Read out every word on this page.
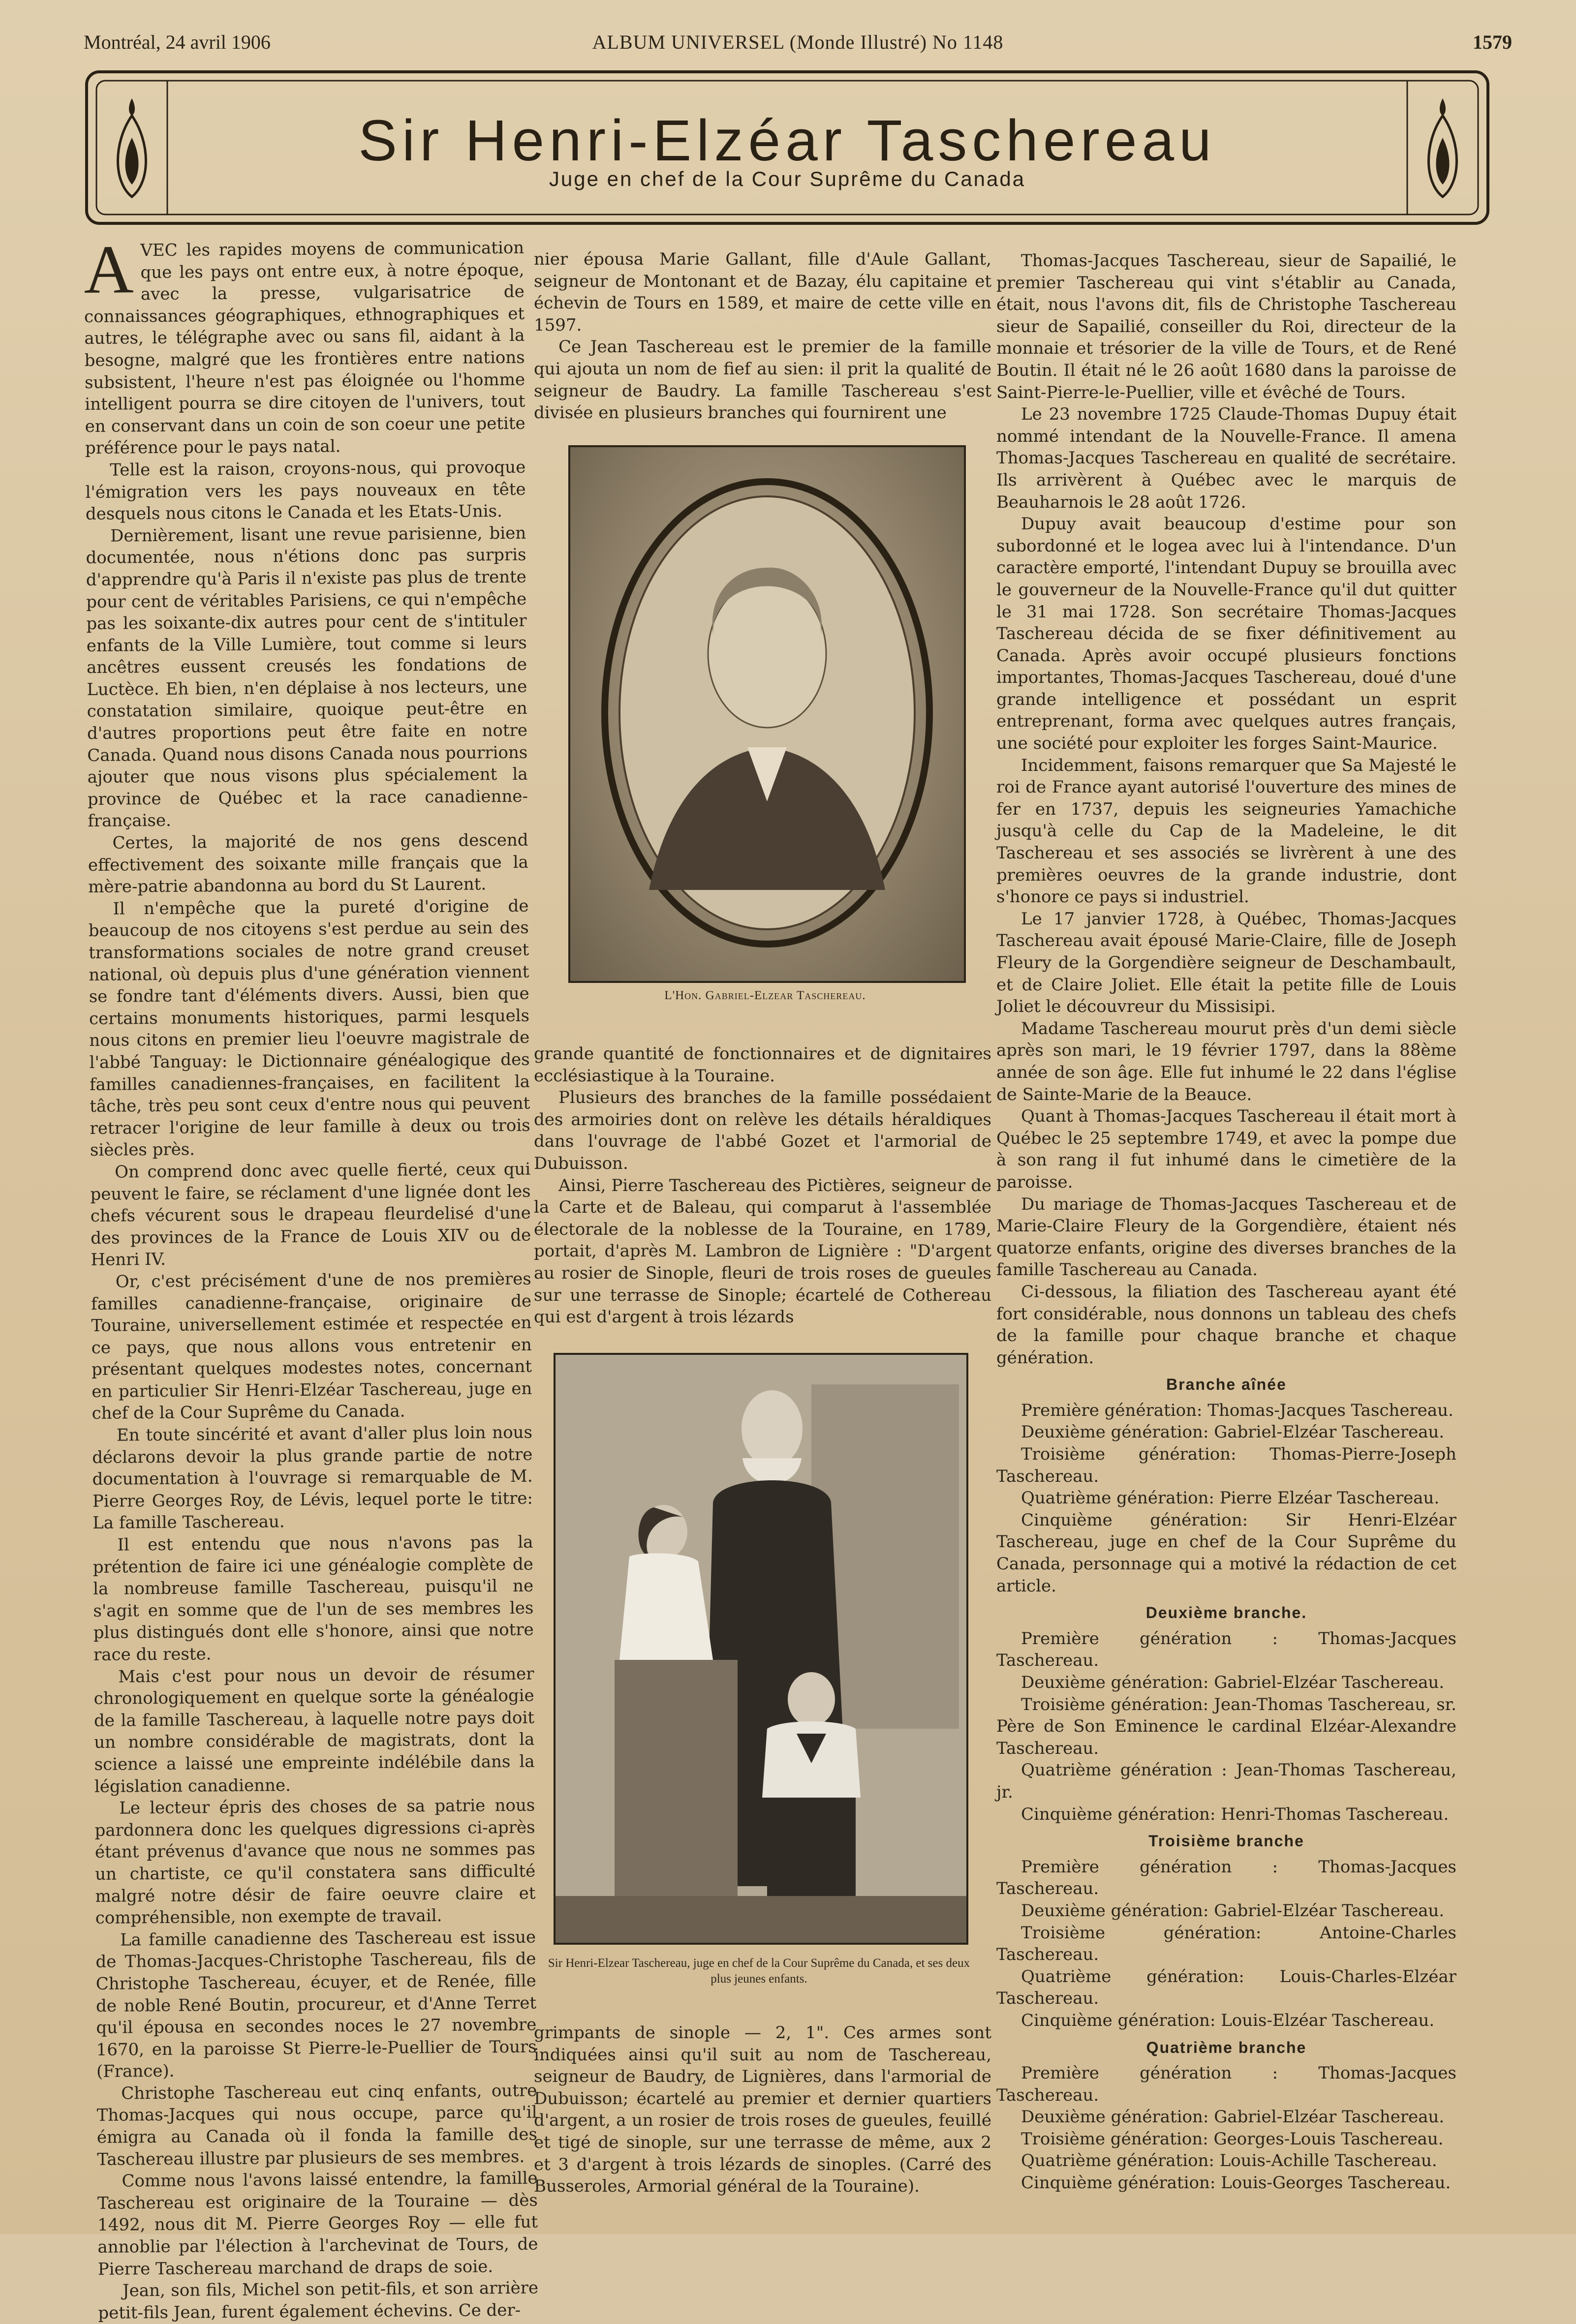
Montréal, 24 avril 1906	ALBUM UNIVERSEL (Monde Illustré) No 1148	1579
Sir Henri-Elzéar Taschereau
Juge en chef de la Cour Suprême du Canada
A VEC les rapides moyens de communication que les pays ont entre eux, à notre époque, avec la presse, vulgarisatrice de connaissances géographiques, ethnographiques et autres, le télégraphe avec ou sans fil, aidant à la besogne, malgré que les frontières entre nations subsistent, l'heure n'est pas éloignée ou l'homme intelligent pourra se dire citoyen de l'univers, tout en conservant dans un coin de son coeur une petite préférence pour le pays natal.

Telle est la raison, croyons-nous, qui provoque l'émigration vers les pays nouveaux en tête desquels nous citons le Canada et les Etats-Unis.

Dernièrement, lisant une revue parisienne, bien documentée, nous n'étions donc pas surpris d'apprendre qu'à Paris il n'existe pas plus de trente pour cent de véritables Parisiens, ce qui n'empêche pas les soixante-dix autres pour cent de s'intituler enfants de la Ville Lumière, tout comme si leurs ancêtres eussent creusés les fondations de Luctèce. Eh bien, n'en déplaise à nos lecteurs, une constatation similaire, quoique peut-être en d'autres proportions peut être faite en notre Canada. Quand nous disons Canada nous pourrions ajouter que nous visons plus spécialement la province de Québec et la race canadienne-française.

Certes, la majorité de nos gens descend effectivement des soixante mille français que la mère-patrie abandonna au bord du St Laurent.

Il n'empêche que la pureté d'origine de beaucoup de nos citoyens s'est perdue au sein des transformations sociales de notre grand creuset national, où depuis plus d'une génération viennent se fondre tant d'éléments divers. Aussi, bien que certains monuments historiques, parmi lesquels nous citons en premier lieu l'oeuvre magistrale de l'abbé Tanguay: le Dictionnaire généalogique des familles canadiennes-françaises, en facilitent la tâche, très peu sont ceux d'entre nous qui peuvent retracer l'origine de leur famille à deux ou trois siècles près.

On comprend donc avec quelle fierté, ceux qui peuvent le faire, se réclament d'une lignée dont les chefs vécurent sous le drapeau fleurdelisé d'une des provinces de la France de Louis XIV ou de Henri IV.

Or, c'est précisément d'une de nos premières familles canadienne-française, originaire de Touraine, universellement estimée et respectée en ce pays, que nous allons vous entretenir en présentant quelques modestes notes, concernant en particulier Sir Henri-Elzéar Taschereau, juge en chef de la Cour Suprême du Canada.

En toute sincérité et avant d'aller plus loin nous déclarons devoir la plus grande partie de notre documentation à l'ouvrage si remarquable de M. Pierre Georges Roy, de Lévis, lequel porte le titre: La famille Taschereau.

Il est entendu que nous n'avons pas la prétention de faire ici une généalogie complète de la nombreuse famille Taschereau, puisqu'il ne s'agit en somme que de l'un de ses membres les plus distingués dont elle s'honore, ainsi que notre race du reste.

Mais c'est pour nous un devoir de résumer chronologiquement en quelque sorte la généalogie de la famille Taschereau, à laquelle notre pays doit un nombre considérable de magistrats, dont la science a laissé une empreinte indélébile dans la législation canadienne.

Le lecteur épris des choses de sa patrie nous pardonnera donc les quelques digressions ci-après étant prévenus d'avance que nous ne sommes pas un chartiste, ce qu'il constatera sans difficulté malgré notre désir de faire oeuvre claire et compréhensible, non exempte de travail.

La famille canadienne des Taschereau est issue de Thomas-Jacques-Christophe Taschereau, fils de Christophe Taschereau, écuyer, et de Renée, fille de noble René Boutin, procureur, et d'Anne Terret qu'il épousa en secondes noces le 27 novembre 1670, en la paroisse St Pierre-le-Puellier de Tours (France).

Christophe Taschereau eut cinq enfants, outre Thomas-Jacques qui nous occupe, parce qu'il émigra au Canada où il fonda la famille des Taschereau illustre par plusieurs de ses membres.

Comme nous l'avons laissé entendre, la famille Taschereau est originaire de la Touraine — dès 1492, nous dit M. Pierre Georges Roy — elle fut annoblie par l'élection à l'archevinat de Tours, de Pierre Taschereau marchand de draps de soie.

Jean, son fils, Michel son petit-fils, et son arrière petit-fils Jean, furent également échevins. Ce der-

nier épousa Marie Gallant, fille d'Aule Gallant, seigneur de Montonant et de Bazay, élu capitaine et échevin de Tours en 1589, et maire de cette ville en 1597.

Ce Jean Taschereau est le premier de la famille qui ajouta un nom de fief au sien: il prit la qualité de seigneur de Baudry. La famille Taschereau s'est divisée en plusieurs branches qui fournirent une

L'Hon. Gabriel-Elzear Taschereau.

grande quantité de fonctionnaires et de dignitaires ecclésiastique à la Touraine.

Plusieurs des branches de la famille possédaient des armoiries dont on relève les détails héraldiques dans l'ouvrage de l'abbé Gozet et l'armorial de Dubuisson.

Ainsi, Pierre Taschereau des Pictières, seigneur de la Carte et de Baleau, qui comparut à l'assemblée électorale de la noblesse de la Touraine, en 1789, portait, d'après M. Lambron de Lignière : "D'argent au rosier de Sinople, fleuri de trois roses de gueules sur une terrasse de Sinople; écartelé de Cothereau qui est d'argent à trois lézards

Sir Henri-Elzear Taschereau, juge en chef de la Cour Suprême du Canada, et ses deux plus jeunes enfants.

grimpants de sinople — 2, 1". Ces armes sont indiquées ainsi qu'il suit au nom de Taschereau, seigneur de Baudry, de Lignières, dans l'armorial de Dubuisson; écartelé au premier et dernier quartiers d'argent, a un rosier de trois roses de gueules, feuillé et tigé de sinople, sur une terrasse de même, aux 2 et 3 d'argent à trois lézards de sinoples. (Carré des Busseroles, Armorial général de la Touraine).

Thomas-Jacques Taschereau, sieur de Sapailié, le premier Taschereau qui vint s'établir au Canada, était, nous l'avons dit, fils de Christophe Taschereau sieur de Sapailié, conseiller du Roi, directeur de la monnaie et trésorier de la ville de Tours, et de René Boutin. Il était né le 26 août 1680 dans la paroisse de Saint-Pierre-le-Puellier, ville et évêché de Tours.

Le 23 novembre 1725 Claude-Thomas Dupuy était nommé intendant de la Nouvelle-France. Il amena Thomas-Jacques Taschereau en qualité de secrétaire. Ils arrivèrent à Québec avec le marquis de Beauharnois le 28 août 1726.

Dupuy avait beaucoup d'estime pour son subordonné et le logea avec lui à l'intendance. D'un caractère emporté, l'intendant Dupuy se brouilla avec le gouverneur de la Nouvelle-France qu'il dut quitter le 31 mai 1728. Son secrétaire Thomas-Jacques Taschereau décida de se fixer définitivement au Canada. Après avoir occupé plusieurs fonctions importantes, Thomas-Jacques Taschereau, doué d'une grande intelligence et possédant un esprit entreprenant, forma avec quelques autres français, une société pour exploiter les forges Saint-Maurice.

Incidemment, faisons remarquer que Sa Majesté le roi de France ayant autorisé l'ouverture des mines de fer en 1737, depuis les seigneuries Yamachiche jusqu'à celle du Cap de la Madeleine, le dit Taschereau et ses associés se livrèrent à une des premières oeuvres de la grande industrie, dont s'honore ce pays si industriel.

Le 17 janvier 1728, à Québec, Thomas-Jacques Taschereau avait épousé Marie-Claire, fille de Joseph Fleury de la Gorgendière seigneur de Deschambault, et de Claire Joliet. Elle était la petite fille de Louis Joliet le découvreur du Missisipi.

Madame Taschereau mourut près d'un demi siècle après son mari, le 19 février 1797, dans la 88ème année de son âge. Elle fut inhumé le 22 dans l'église de Sainte-Marie de la Beauce.

Quant à Thomas-Jacques Taschereau il était mort à Québec le 25 septembre 1749, et avec la pompe due à son rang il fut inhumé dans le cimetière de la paroisse.

Du mariage de Thomas-Jacques Taschereau et de Marie-Claire Fleury de la Gorgendière, étaient nés quatorze enfants, origine des diverses branches de la famille Taschereau au Canada.

Ci-dessous, la filiation des Taschereau ayant été fort considérable, nous donnons un tableau des chefs de la famille pour chaque branche et chaque génération.

Branche aînée

Première génération: Thomas-Jacques Taschereau.

Deuxième génération: Gabriel-Elzéar Taschereau.

Troisième génération: Thomas-Pierre-Joseph Taschereau.

Quatrième génération: Pierre Elzéar Taschereau.

Cinquième génération: Sir Henri-Elzéar Taschereau, juge en chef de la Cour Suprême du Canada, personnage qui a motivé la rédaction de cet article.

Deuxième branche.

Première génération : Thomas-Jacques Taschereau.

Deuxième génération: Gabriel-Elzéar Taschereau.

Troisième génération: Jean-Thomas Taschereau, sr. Père de Son Eminence le cardinal Elzéar-Alexandre Taschereau.

Quatrième génération : Jean-Thomas Taschereau, jr.

Cinquième génération: Henri-Thomas Taschereau.

Troisième branche

Première génération : Thomas-Jacques Taschereau.

Deuxième génération: Gabriel-Elzéar Taschereau.

Troisième génération: Antoine-Charles Taschereau.

Quatrième génération: Louis-Charles-Elzéar Taschereau.

Cinquième génération: Louis-Elzéar Taschereau.

Quatrième branche

Première génération : Thomas-Jacques Taschereau.

Deuxième génération: Gabriel-Elzéar Taschereau.

Troisième génération: Georges-Louis Taschereau.

Quatrième génération: Louis-Achille Taschereau.

Cinquième génération: Louis-Georges Taschereau.
